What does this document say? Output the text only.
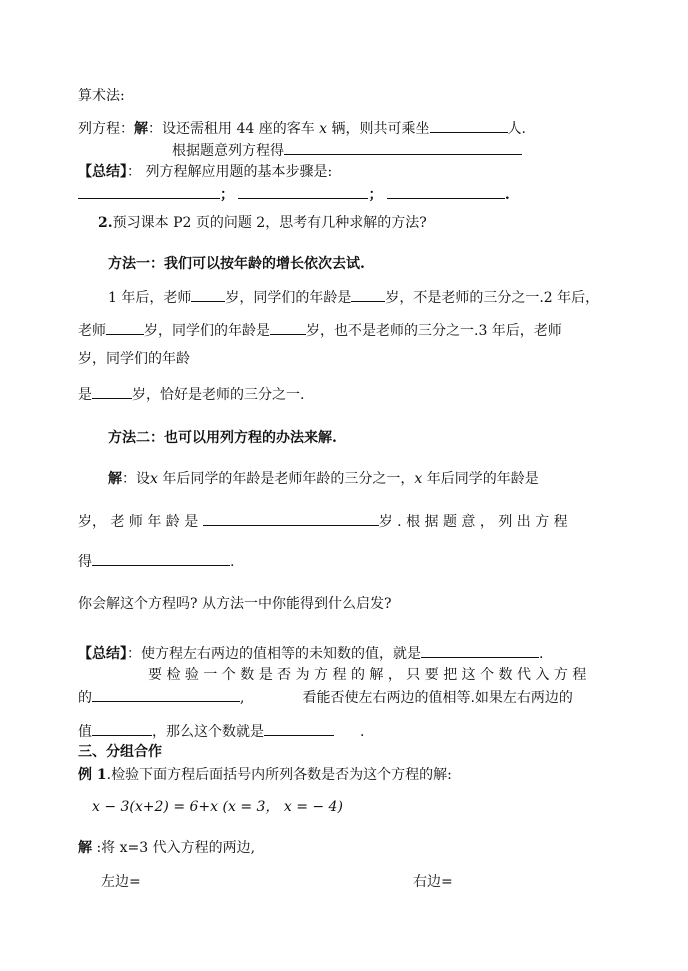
算术法:
列方程：解：设还需租用 44 座的客车 x 辆，则共可乘坐	人.
根据题意列方程得
【总结】： 列方程解应用题的基本步骤是:
；	；	.
2.预习课本 P2 页的问题 2，思考有几种求解的方法?
方法一：我们可以按年龄的增长依次去试.
1 年后，老师 岁，同学们的年龄是 岁，不是老师的三分之一.2 年后，
老师	岁，同学们的年龄是	岁，也不是老师的三分之一.3 年后，老师
岁，同学们的年龄
是	岁，恰好是老师的三分之一.
方法二：也可以用列方程的办法来解.
解：设x 年后同学的年龄是老师年龄的三分之一，x 年后同学的年龄是
岁， 老 师 年 龄 是	岁 . 根 据 题 意 ， 列 出 方 程
得	.
你会解这个方程吗? 从方法一中你能得到什么启发?
【总结】：使方程左右两边的值相等的未知数的值，就是	.
要 检 验 一 个 数 是 否 为 方 程 的 解 ， 只 要 把 这 个 数 代 入 方 程
的	,	看能否使左右两边的值相等.如果左右两边的
值	，那么这个数就是	.
三、分组合作
例 1.检验下面方程后面括号内所列各数是否为这个方程的解:
x − 3(x+2) = 6+x (x = 3， x = − 4)
解 :将 x=3 代入方程的两边,
左边=	右边=
